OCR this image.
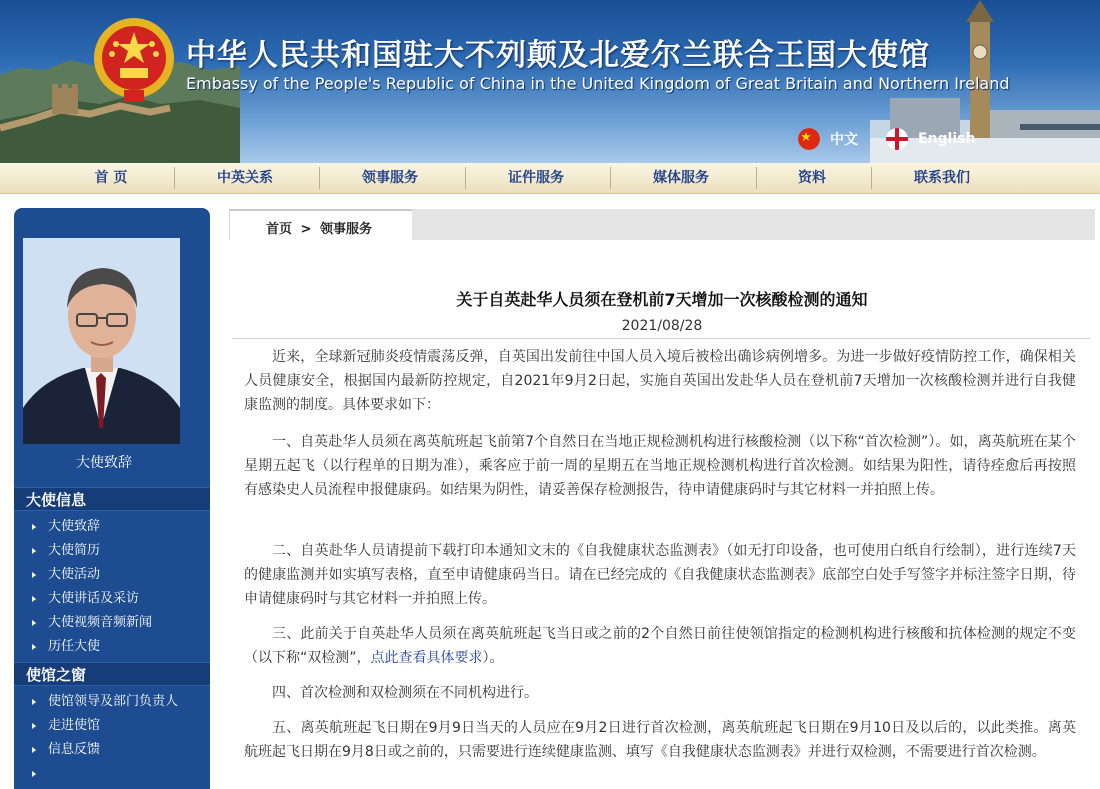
中华人民共和国驻大不列颠及北爱尔兰联合王国大使馆
Embassy of the People's Republic of China in the United Kingdom of Great Britain and Northern Ireland
中文	English
首 页	中英关系	领事服务	证件服务	媒体服务	资料	联系我们
大使致辞
大使信息
大使致辞
大使简历
大使活动
大使讲话及采访
大使视频音频新闻
历任大使
使馆之窗
使馆领导及部门负责人
走进使馆
信息反馈
首页 > 领事服务
关于自英赴华人员须在登机前7天增加一次核酸检测的通知
2021/08/28

近来，全球新冠肺炎疫情震荡反弹，自英国出发前往中国人员入境后被检出确诊病例增多。为进一步做好疫情防控工作，确保相关人员健康安全，根据国内最新防控规定，自2021年9月2日起，实施自英国出发赴华人员在登机前7天增加一次核酸检测并进行自我健康监测的制度。具体要求如下：

一、自英赴华人员须在离英航班起飞前第7个自然日在当地正规检测机构进行核酸检测（以下称“首次检测”）。如，离英航班在某个星期五起飞（以行程单的日期为准），乘客应于前一周的星期五在当地正规检测机构进行首次检测。如结果为阳性，请待痊愈后再按照有感染史人员流程申报健康码。如结果为阴性，请妥善保存检测报告，待申请健康码时与其它材料一并拍照上传。

二、自英赴华人员请提前下载打印本通知文末的《自我健康状态监测表》（如无打印设备，也可使用白纸自行绘制），进行连续7天的健康监测并如实填写表格，直至申请健康码当日。请在已经完成的《自我健康状态监测表》底部空白处手写签字并标注签字日期，待申请健康码时与其它材料一并拍照上传。

三、此前关于自英赴华人员须在离英航班起飞当日或之前的2个自然日前往使领馆指定的检测机构进行核酸和抗体检测的规定不变（以下称“双检测”，点此查看具体要求）。

四、首次检测和双检测须在不同机构进行。

五、离英航班起飞日期在9月9日当天的人员应在9月2日进行首次检测，离英航班起飞日期在9月10日及以后的，以此类推。离英航班起飞日期在9月8日或之前的，只需要进行连续健康监测、填写《自我健康状态监测表》并进行双检测，不需要进行首次检测。
